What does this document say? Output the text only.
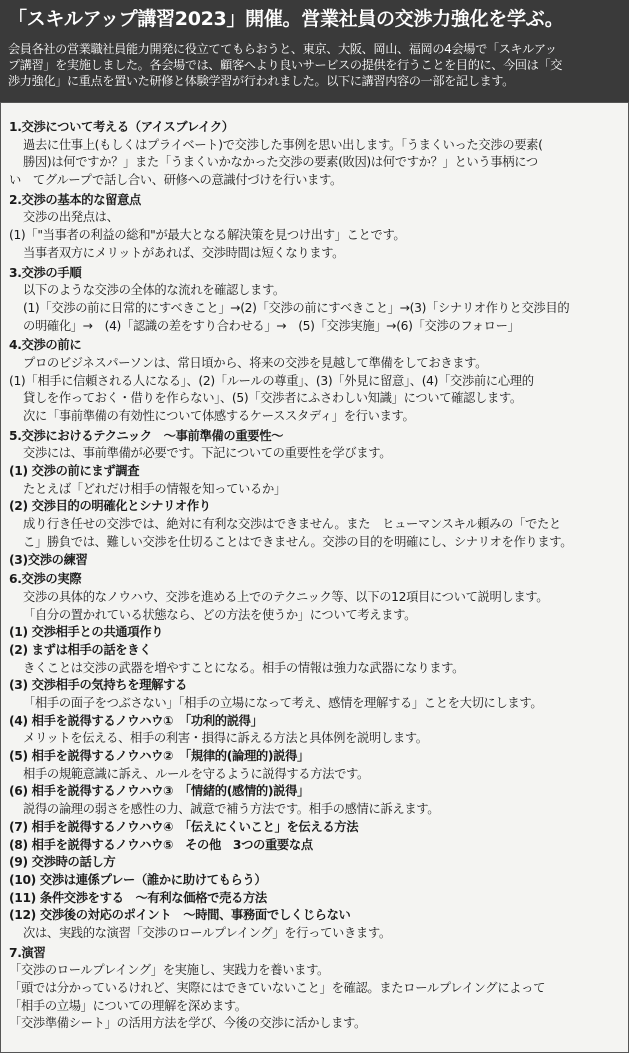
「スキルアップ講習2023」開催。営業社員の交渉力強化を学ぶ。
会員各社の営業職社員能力開発に役立ててもらおうと、東京、大阪、岡山、福岡の4会場で「スキルアッ
プ講習」を実施しました。各会場では、顧客へより良いサービスの提供を行うことを目的に、今回は「交
渉力強化」に重点を置いた研修と体験学習が行われました。以下に講習内容の一部を記します。
1.交渉について考える（アイスブレイク）
過去に仕事上(もしくはプライベート)で交渉した事例を思い出します。「うまくいった交渉の要素(
勝因)は何ですか？」また「うまくいかなかった交渉の要素(敗因)は何ですか？」という事柄につ
い　てグループで話し合い、研修への意識付づけを行います。
2.交渉の基本的な留意点
交渉の出発点は、
(1)「"当事者の利益の総和"が最大となる解決策を見つけ出す」ことです。
当事者双方にメリットがあれば、交渉時間は短くなります。
3.交渉の手順
以下のような交渉の全体的な流れを確認します。
(1)「交渉の前に日常的にすべきこと」→(2)「交渉の前にすべきこと」→(3)「シナリオ作りと交渉目的
の明確化」→　(4)「認識の差をすり合わせる」→　(5)「交渉実施」→(6)「交渉のフォロー」
4.交渉の前に
プロのビジネスパーソンは、常日頃から、将来の交渉を見越して準備をしておきます。
(1)「相手に信頼される人になる」、(2)「ルールの尊重」、(3)「外見に留意」、(4)「交渉前に心理的
貸しを作っておく・借りを作らない」、(5)「交渉者にふさわしい知識」について確認します。
次に「事前準備の有効性について体感するケーススタディ」を行います。
5.交渉におけるテクニック　～事前準備の重要性～
交渉には、事前準備が必要です。下記についての重要性を学びます。
(1) 交渉の前にまず調査
たとえば「どれだけ相手の情報を知っているか」
(2) 交渉目的の明確化とシナリオ作り
成り行き任せの交渉では、絶対に有利な交渉はできません。また　ヒューマンスキル頼みの「でたと
こ」勝負では、難しい交渉を仕切ることはできません。交渉の目的を明確にし、シナリオを作ります。
(3)交渉の練習
6.交渉の実際
交渉の具体的なノウハウ、交渉を進める上でのテクニック等、以下の12項目について説明します。
「自分の置かれている状態なら、どの方法を使うか」について考えます。
(1) 交渉相手との共通項作り
(2) まずは相手の話をきく
きくことは交渉の武器を増やすことになる。相手の情報は強力な武器になります。
(3) 交渉相手の気持ちを理解する
「相手の面子をつぶさない」「相手の立場になって考え、感情を理解する」ことを大切にします。
(4) 相手を説得するノウハウ①　「功利的説得」
メリットを伝える、相手の利害・損得に訴える方法と具体例を説明します。
(5) 相手を説得するノウハウ②　「規律的(論理的)説得」
相手の規範意識に訴え、ルールを守るように説得する方法です。
(6) 相手を説得するノウハウ③　「情緒的(感情的)説得」
説得の論理の弱さを感性の力、誠意で補う方法です。相手の感情に訴えます。
(7) 相手を説得するノウハウ④　「伝えにくいこと」を伝える方法
(8) 相手を説得するノウハウ⑤　その他　3つの重要な点
(9) 交渉時の話し方
(10) 交渉は連係プレー（誰かに助けてもらう）
(11) 条件交渉をする　～有利な価格で売る方法
(12) 交渉後の対応のポイント　～時間、事務面でしくじらない
次は、実践的な演習「交渉のロールプレイング」を行っていきます。
7.演習
「交渉のロールプレイング」を実施し、実践力を養います。
「頭では分かっているけれど、実際にはできていないこと」を確認。またロールプレイングによって
「相手の立場」についての理解を深めます。
「交渉準備シート」の活用方法を学び、今後の交渉に活かします。
